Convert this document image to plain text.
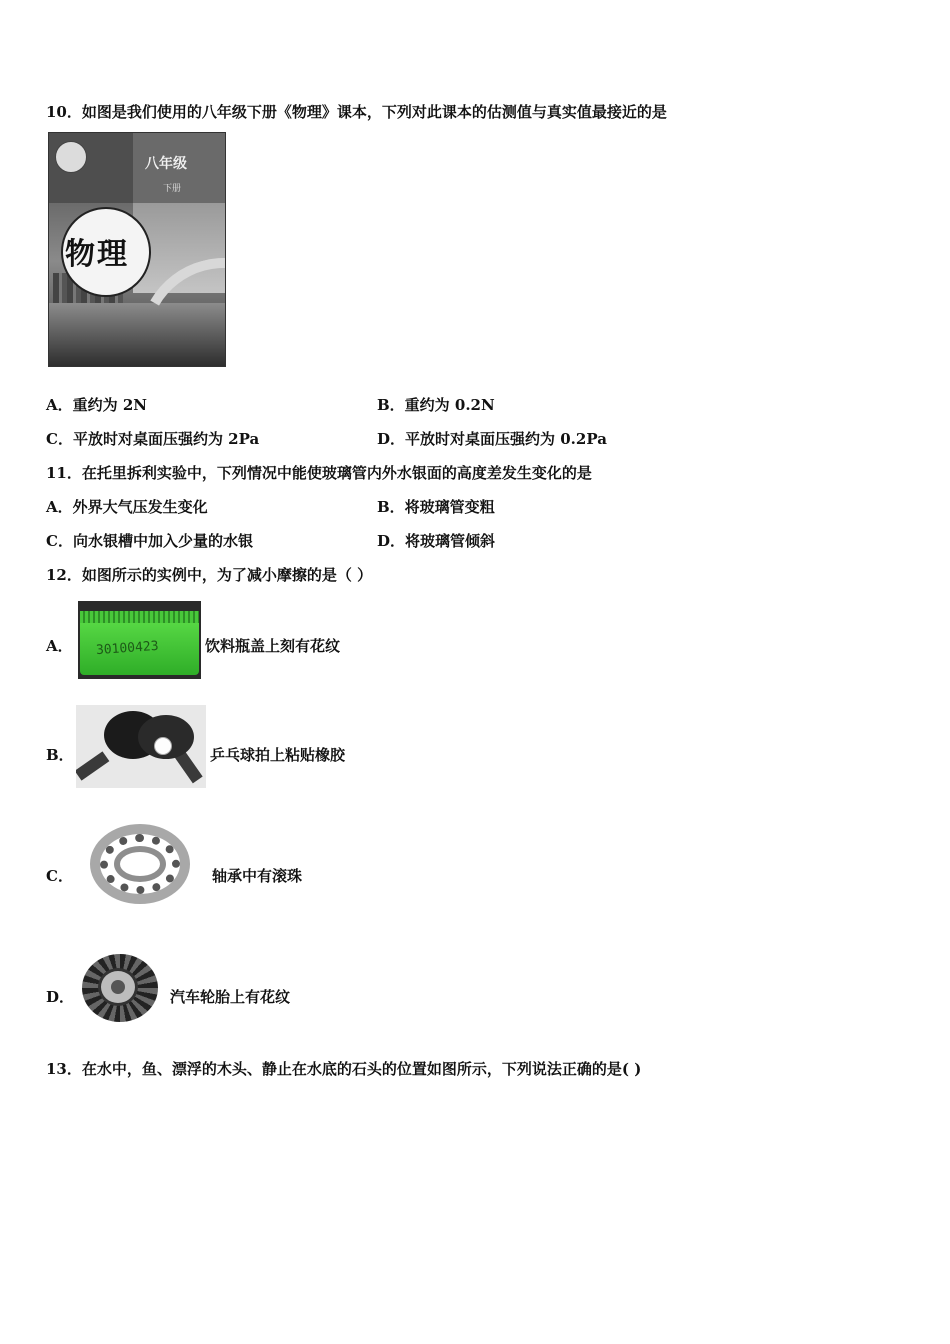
10．如图是我们使用的八年级下册《物理》课本，下列对此课本的估测值与真实值最接近的是
八年级
下册
物理
A．重约为 2N	B．重约为 0.2N
C．平放时对桌面压强约为 2Pa	D．平放时对桌面压强约为 0.2Pa
11．在托里拆利实验中，下列情况中能使玻璃管内外水银面的高度差发生变化的是
A．外界大气压发生变化	B．将玻璃管变粗
C．向水银槽中加入少量的水银	D．将玻璃管倾斜
12．如图所示的实例中，为了减小摩擦的是（ ）
A． 30100423	饮料瓶盖上刻有花纹
B．	乒乓球拍上粘贴橡胶
C．	轴承中有滚珠
D．	汽车轮胎上有花纹
13．在水中，鱼、漂浮的木头、静止在水底的石头的位置如图所示，下列说法正确的是( )
